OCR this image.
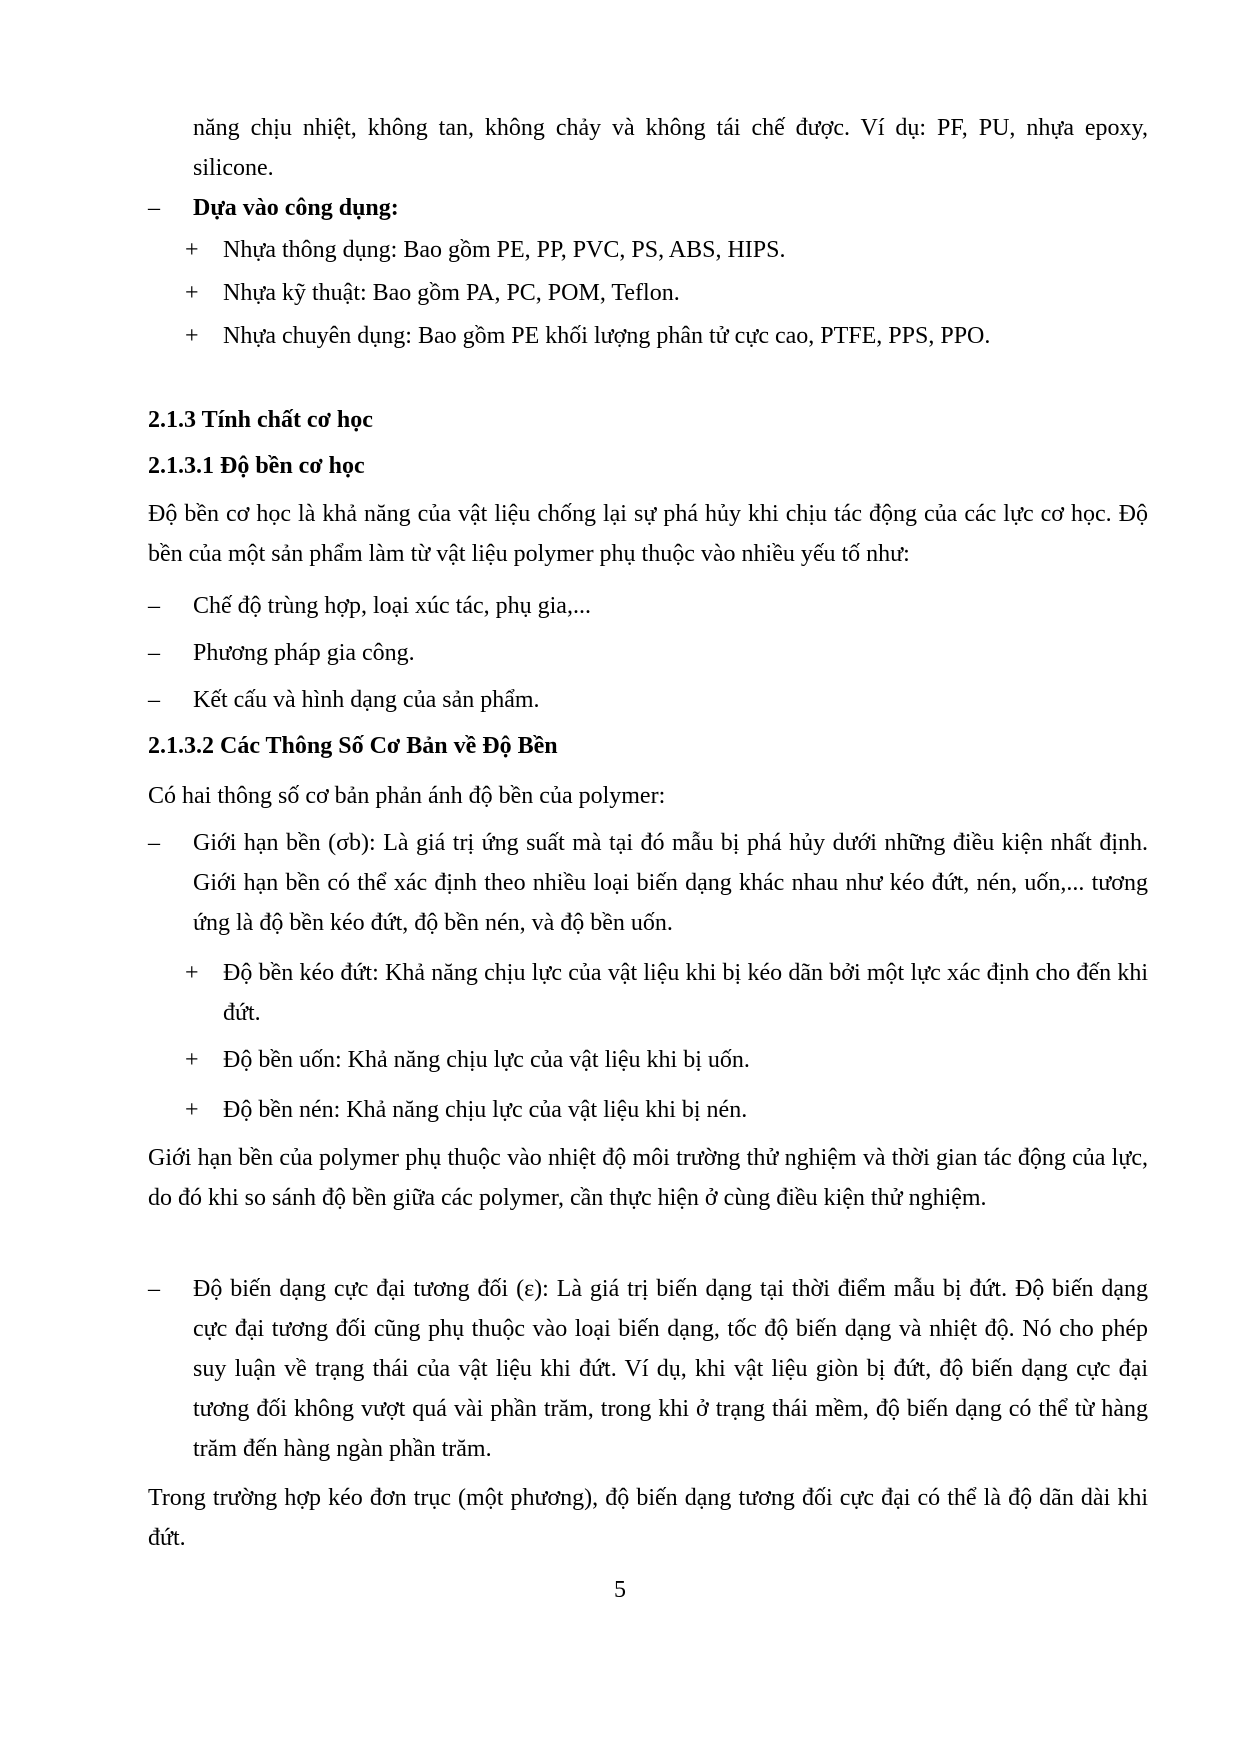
năng chịu nhiệt, không tan, không chảy và không tái chế được. Ví dụ: PF, PU, nhựa epoxy, silicone.

– Dựa vào công dụng:
+ Nhựa thông dụng: Bao gồm PE, PP, PVC, PS, ABS, HIPS.
+ Nhựa kỹ thuật: Bao gồm PA, PC, POM, Teflon.
+ Nhựa chuyên dụng: Bao gồm PE khối lượng phân tử cực cao, PTFE, PPS, PPO.
2.1.3 Tính chất cơ học
2.1.3.1 Độ bền cơ học

Độ bền cơ học là khả năng của vật liệu chống lại sự phá hủy khi chịu tác động của các lực cơ học. Độ bền của một sản phẩm làm từ vật liệu polymer phụ thuộc vào nhiều yếu tố như:

– Chế độ trùng hợp, loại xúc tác, phụ gia,...
– Phương pháp gia công.
– Kết cấu và hình dạng của sản phẩm.
2.1.3.2 Các Thông Số Cơ Bản về Độ Bền

Có hai thông số cơ bản phản ánh độ bền của polymer:

– Giới hạn bền (σb): Là giá trị ứng suất mà tại đó mẫu bị phá hủy dưới những điều kiện nhất định. Giới hạn bền có thể xác định theo nhiều loại biến dạng khác nhau như kéo đứt, nén, uốn,... tương ứng là độ bền kéo đứt, độ bền nén, và độ bền uốn.
+ Độ bền kéo đứt: Khả năng chịu lực của vật liệu khi bị kéo dãn bởi một lực xác định cho đến khi đứt.
+ Độ bền uốn: Khả năng chịu lực của vật liệu khi bị uốn.
+ Độ bền nén: Khả năng chịu lực của vật liệu khi bị nén.

Giới hạn bền của polymer phụ thuộc vào nhiệt độ môi trường thử nghiệm và thời gian tác động của lực, do đó khi so sánh độ bền giữa các polymer, cần thực hiện ở cùng điều kiện thử nghiệm.

– Độ biến dạng cực đại tương đối (ε): Là giá trị biến dạng tại thời điểm mẫu bị đứt. Độ biến dạng cực đại tương đối cũng phụ thuộc vào loại biến dạng, tốc độ biến dạng và nhiệt độ. Nó cho phép suy luận về trạng thái của vật liệu khi đứt. Ví dụ, khi vật liệu giòn bị đứt, độ biến dạng cực đại tương đối không vượt quá vài phần trăm, trong khi ở trạng thái mềm, độ biến dạng có thể từ hàng trăm đến hàng ngàn phần trăm.

Trong trường hợp kéo đơn trục (một phương), độ biến dạng tương đối cực đại có thể là độ dãn dài khi đứt.

5
